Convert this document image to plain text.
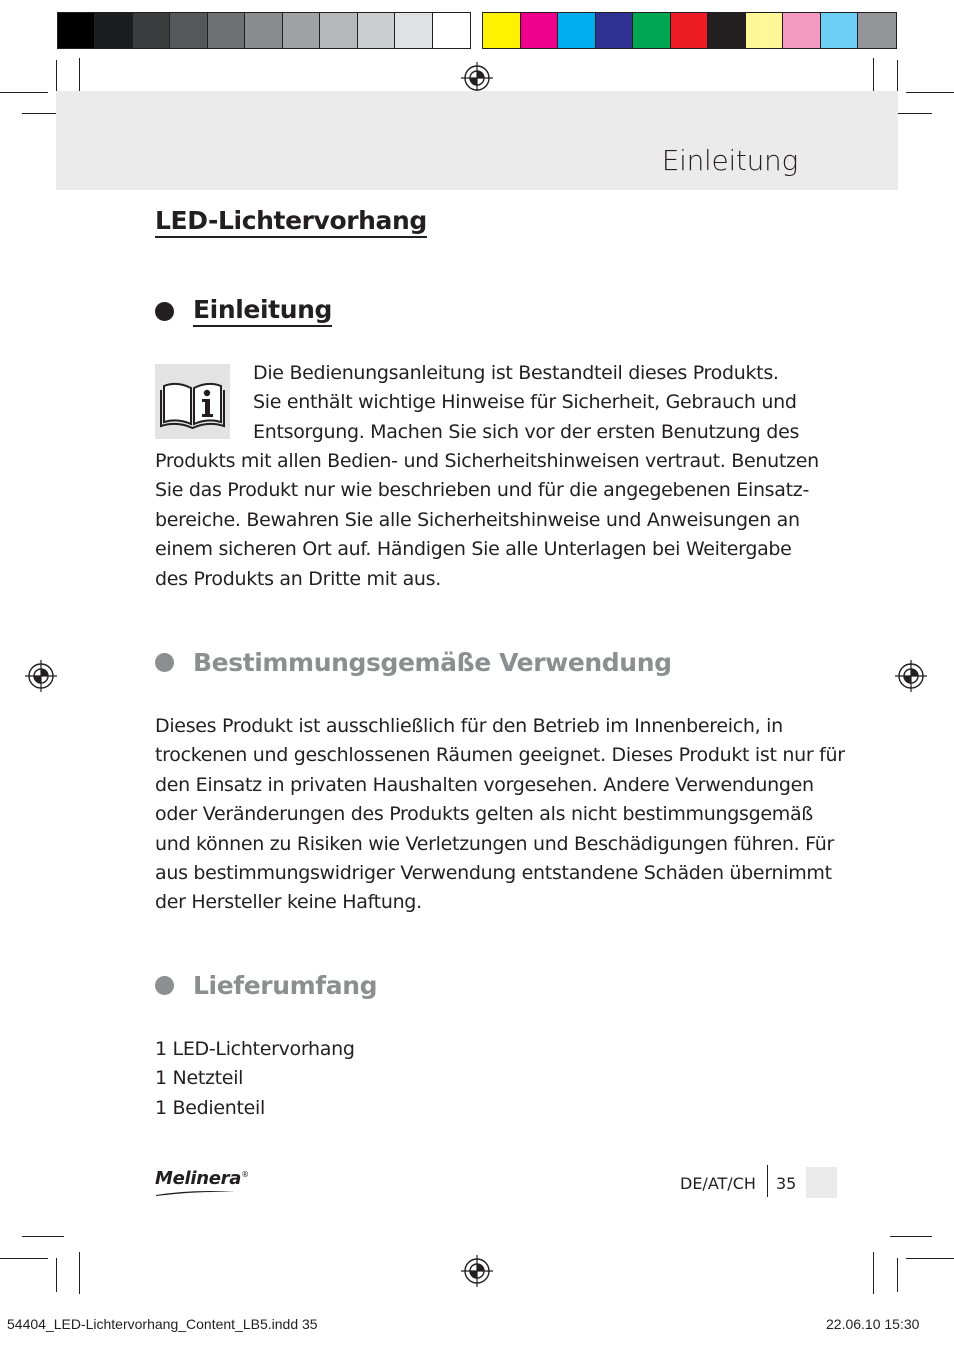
Einleitung
LED-Lichtervorhang
Einleitung
Die Bedienungsanleitung ist Bestandteil dieses Produkts.
Sie enthält wichtige Hinweise für Sicherheit, Gebrauch und
Entsorgung. Machen Sie sich vor der ersten Benutzung des
Produkts mit allen Bedien- und Sicherheitshinweisen vertraut. Benutzen
Sie das Produkt nur wie beschrieben und für die angegebenen Einsatz-
bereiche. Bewahren Sie alle Sicherheitshinweise und Anweisungen an
einem sicheren Ort auf. Händigen Sie alle Unterlagen bei Weitergabe
des Produkts an Dritte mit aus.
Bestimmungsgemäße Verwendung
Dieses Produkt ist ausschließlich für den Betrieb im Innenbereich, in
trockenen und geschlossenen Räumen geeignet. Dieses Produkt ist nur für
den Einsatz in privaten Haushalten vorgesehen. Andere Verwendungen
oder Veränderungen des Produkts gelten als nicht bestimmungsgemäß
und können zu Risiken wie Verletzungen und Beschädigungen führen. Für
aus bestimmungswidriger Verwendung entstandene Schäden übernimmt
der Hersteller keine Haftung.
Lieferumfang
1 LED-Lichtervorhang
1 Netzteil
1 Bedienteil
Melinera®	DE/AT/CH 35
54404_LED-Lichtervorhang_Content_LB5.indd 35	22.06.10 15:30
